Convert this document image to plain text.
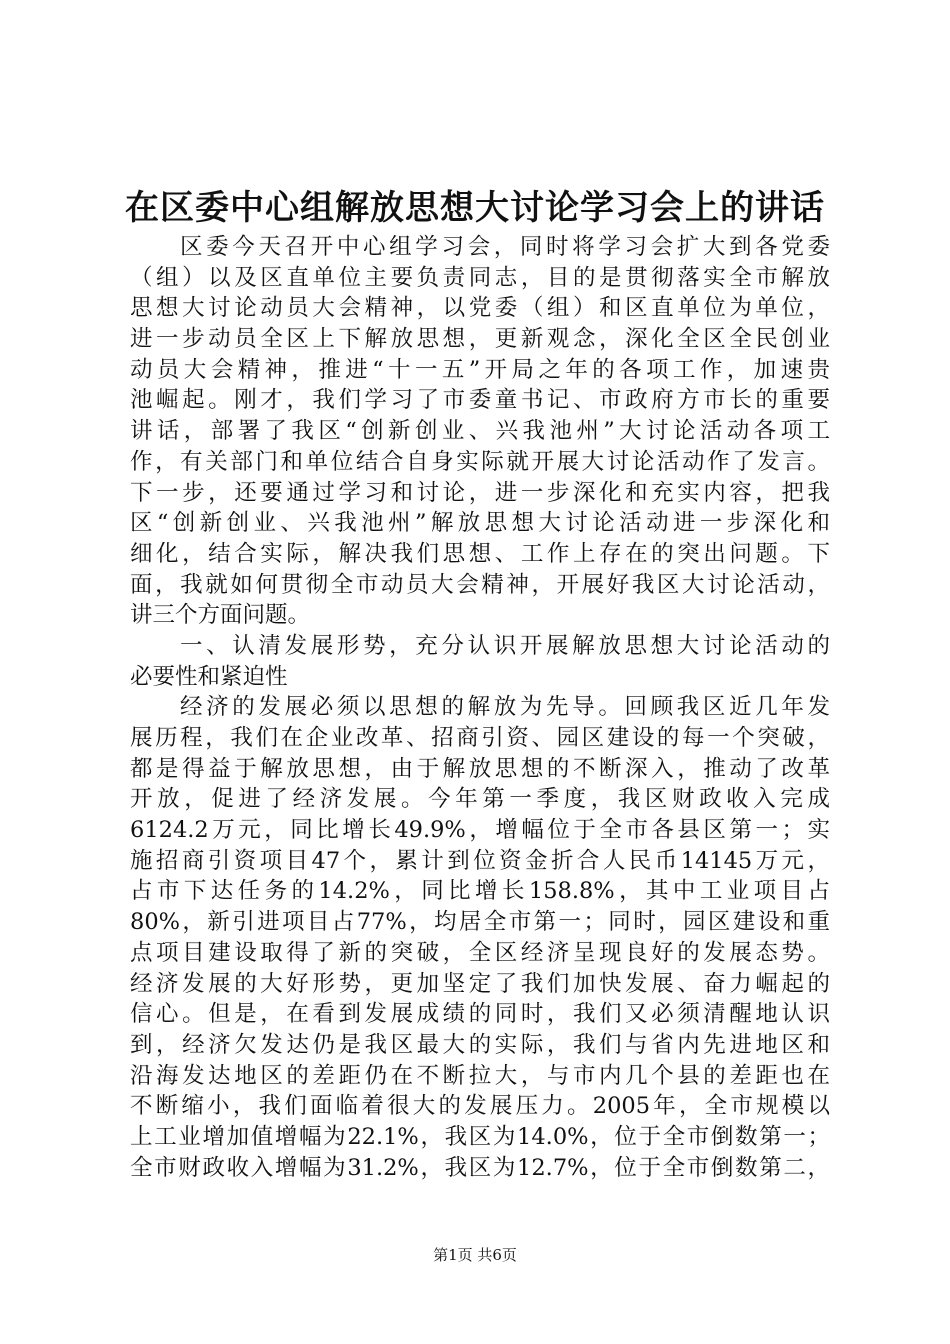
在区委中心组解放思想大讨论学习会上的讲话
区委今天召开中心组学习会，同时将学习会扩大到各党委
（组）以及区直单位主要负责同志，目的是贯彻落实全市解放
思想大讨论动员大会精神，以党委（组）和区直单位为单位，
进一步动员全区上下解放思想，更新观念，深化全区全民创业
动员大会精神，推进“十一五”开局之年的各项工作，加速贵
池崛起。刚才，我们学习了市委童书记、市政府方市长的重要
讲话，部署了我区“创新创业、兴我池州”大讨论活动各项工
作，有关部门和单位结合自身实际就开展大讨论活动作了发言。
下一步，还要通过学习和讨论，进一步深化和充实内容，把我
区“创新创业、兴我池州”解放思想大讨论活动进一步深化和
细化，结合实际，解决我们思想、工作上存在的突出问题。下
面，我就如何贯彻全市动员大会精神，开展好我区大讨论活动，
讲三个方面问题。
一、认清发展形势，充分认识开展解放思想大讨论活动的
必要性和紧迫性
经济的发展必须以思想的解放为先导。回顾我区近几年发
展历程，我们在企业改革、招商引资、园区建设的每一个突破，
都是得益于解放思想，由于解放思想的不断深入，推动了改革
开放，促进了经济发展。今年第一季度，我区财政收入完成
6124.2万元，同比增长49.9%，增幅位于全市各县区第一；实
施招商引资项目47个，累计到位资金折合人民币14145万元，
占市下达任务的14.2%，同比增长158.8%，其中工业项目占
80%，新引进项目占77%，均居全市第一；同时，园区建设和重
点项目建设取得了新的突破，全区经济呈现良好的发展态势。
经济发展的大好形势，更加坚定了我们加快发展、奋力崛起的
信心。但是，在看到发展成绩的同时，我们又必须清醒地认识
到，经济欠发达仍是我区最大的实际，我们与省内先进地区和
沿海发达地区的差距仍在不断拉大，与市内几个县的差距也在
不断缩小，我们面临着很大的发展压力。2005年，全市规模以
上工业增加值增幅为22.1%，我区为14.0%，位于全市倒数第一；
全市财政收入增幅为31.2%，我区为12.7%，位于全市倒数第二，
第1页 共6页
